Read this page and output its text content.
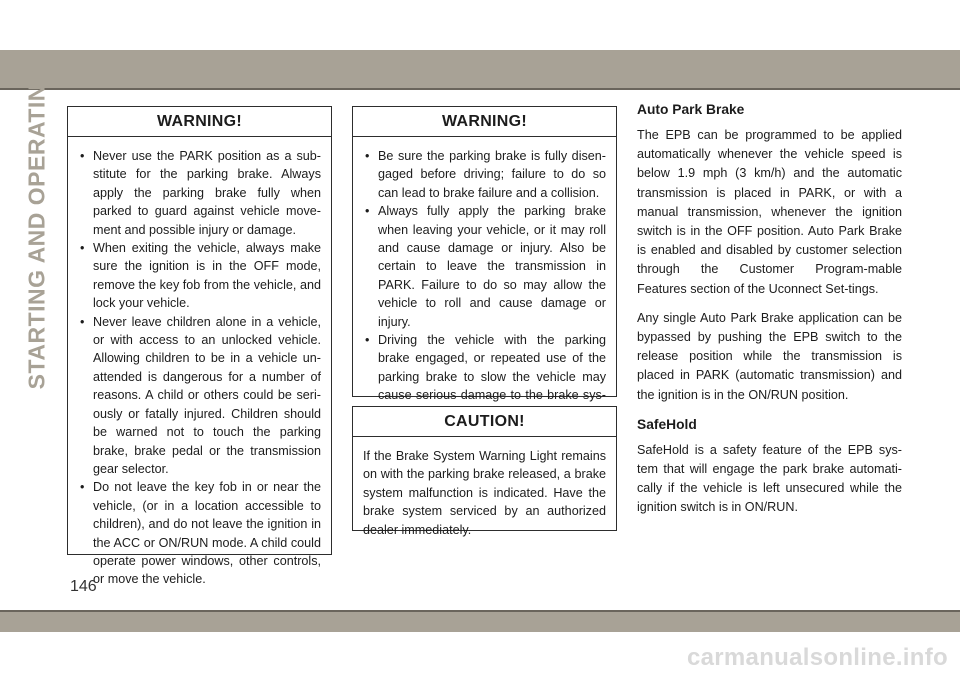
STARTING AND OPERATING	WARNING!
• Never use the PARK position as a sub-stitute for the parking brake. Always apply the parking brake fully when parked to guard against vehicle move-ment and possible injury or damage.
• When exiting the vehicle, always make sure the ignition is in the OFF mode, remove the key fob from the vehicle, and lock your vehicle.
• Never leave children alone in a vehicle, or with access to an unlocked vehicle. Allowing children to be in a vehicle un-attended is dangerous for a number of reasons. A child or others could be seri-ously or fatally injured. Children should be warned not to touch the parking brake, brake pedal or the transmission gear selector.
• Do not leave the key fob in or near the vehicle, (or in a location accessible to children), and do not leave the ignition in the ACC or ON/RUN mode. A child could operate power windows, other controls, or move the vehicle.
WARNING!
• Be sure the parking brake is fully disen-gaged before driving; failure to do so can lead to brake failure and a collision.
• Always fully apply the parking brake when leaving your vehicle, or it may roll and cause damage or injury. Also be certain to leave the transmission in PARK. Failure to do so may allow the vehicle to roll and cause damage or injury.
• Driving the vehicle with the parking brake engaged, or repeated use of the parking brake to slow the vehicle may cause serious damage to the brake sys-
CAUTION!

If the Brake System Warning Light remains on with the parking brake released, a brake system malfunction is indicated. Have the brake system serviced by an authorized dealer immediately.

Auto Park Brake

The EPB can be programmed to be applied automatically whenever the vehicle speed is below 1.9 mph (3 km/h) and the automatic transmission is placed in PARK, or with a manual transmission, whenever the ignition switch is in the OFF position. Auto Park Brake is enabled and disabled by customer selection through the Customer Program-mable Features section of the Uconnect Set-tings.

Any single Auto Park Brake application can be bypassed by pushing the EPB switch to the release position while the transmission is placed in PARK (automatic transmission) and the ignition is in the ON/RUN position.

SafeHold

SafeHold is a safety feature of the EPB sys-tem that will engage the park brake automati-cally if the vehicle is left unsecured while the ignition switch is in ON/RUN.

146
carmanualsonline.info
